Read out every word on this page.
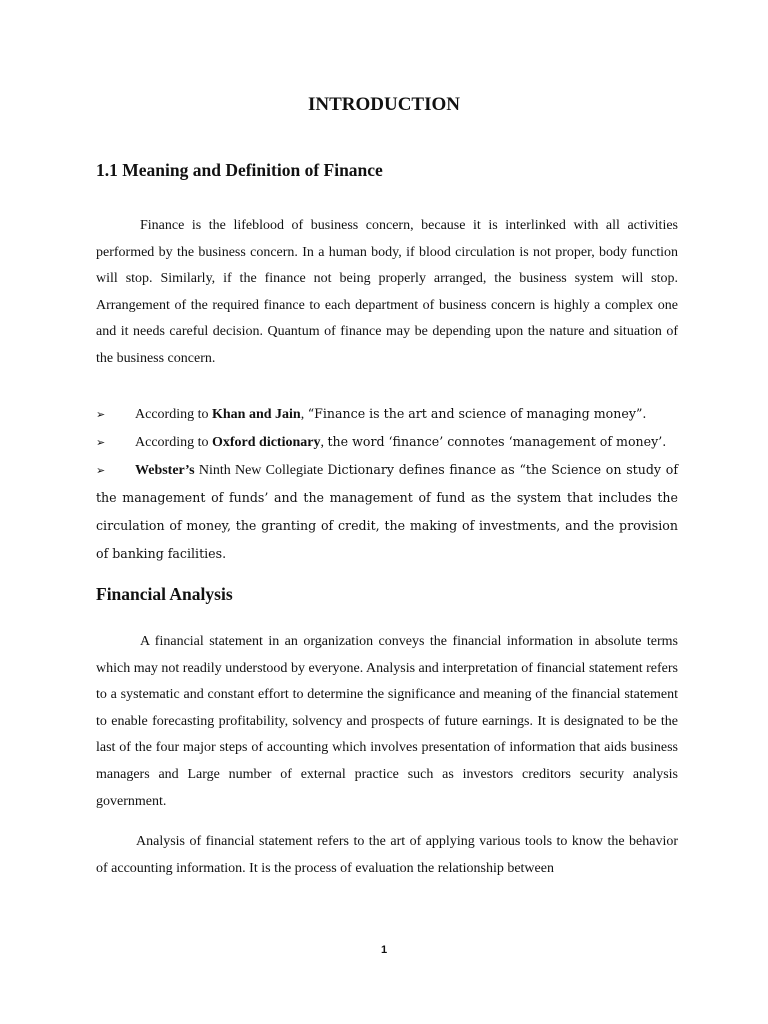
INTRODUCTION
1.1 Meaning and Definition of Finance

Finance is the lifeblood of business concern, because it is interlinked with all activities performed by the business concern. In a human body, if blood circulation is not proper, body function will stop. Similarly, if the finance not being properly arranged, the business system will stop. Arrangement of the required finance to each department of business concern is highly a complex one and it needs careful decision. Quantum of finance may be depending upon the nature and situation of the business concern.

➢ According to Khan and Jain, “Finance is the art and science of managing money”.
➢ According to Oxford dictionary, the word ‘finance’ connotes ‘management of money’.
➢ Webster’s Ninth New Collegiate Dictionary defines finance as “the Science on study of the management of funds’ and the management of fund as the system that includes the circulation of money, the granting of credit, the making of investments, and the provision of banking facilities.
Financial Analysis

A financial statement in an organization conveys the financial information in absolute terms which may not readily understood by everyone. Analysis and interpretation of financial statement refers to a systematic and constant effort to determine the significance and meaning of the financial statement to enable forecasting profitability, solvency and prospects of future earnings. It is designated to be the last of the four major steps of accounting which involves presentation of information that aids business managers and Large number of external practice such as investors creditors security analysis government.

Analysis of financial statement refers to the art of applying various tools to know the behavior of accounting information. It is the process of evaluation the relationship between

1
